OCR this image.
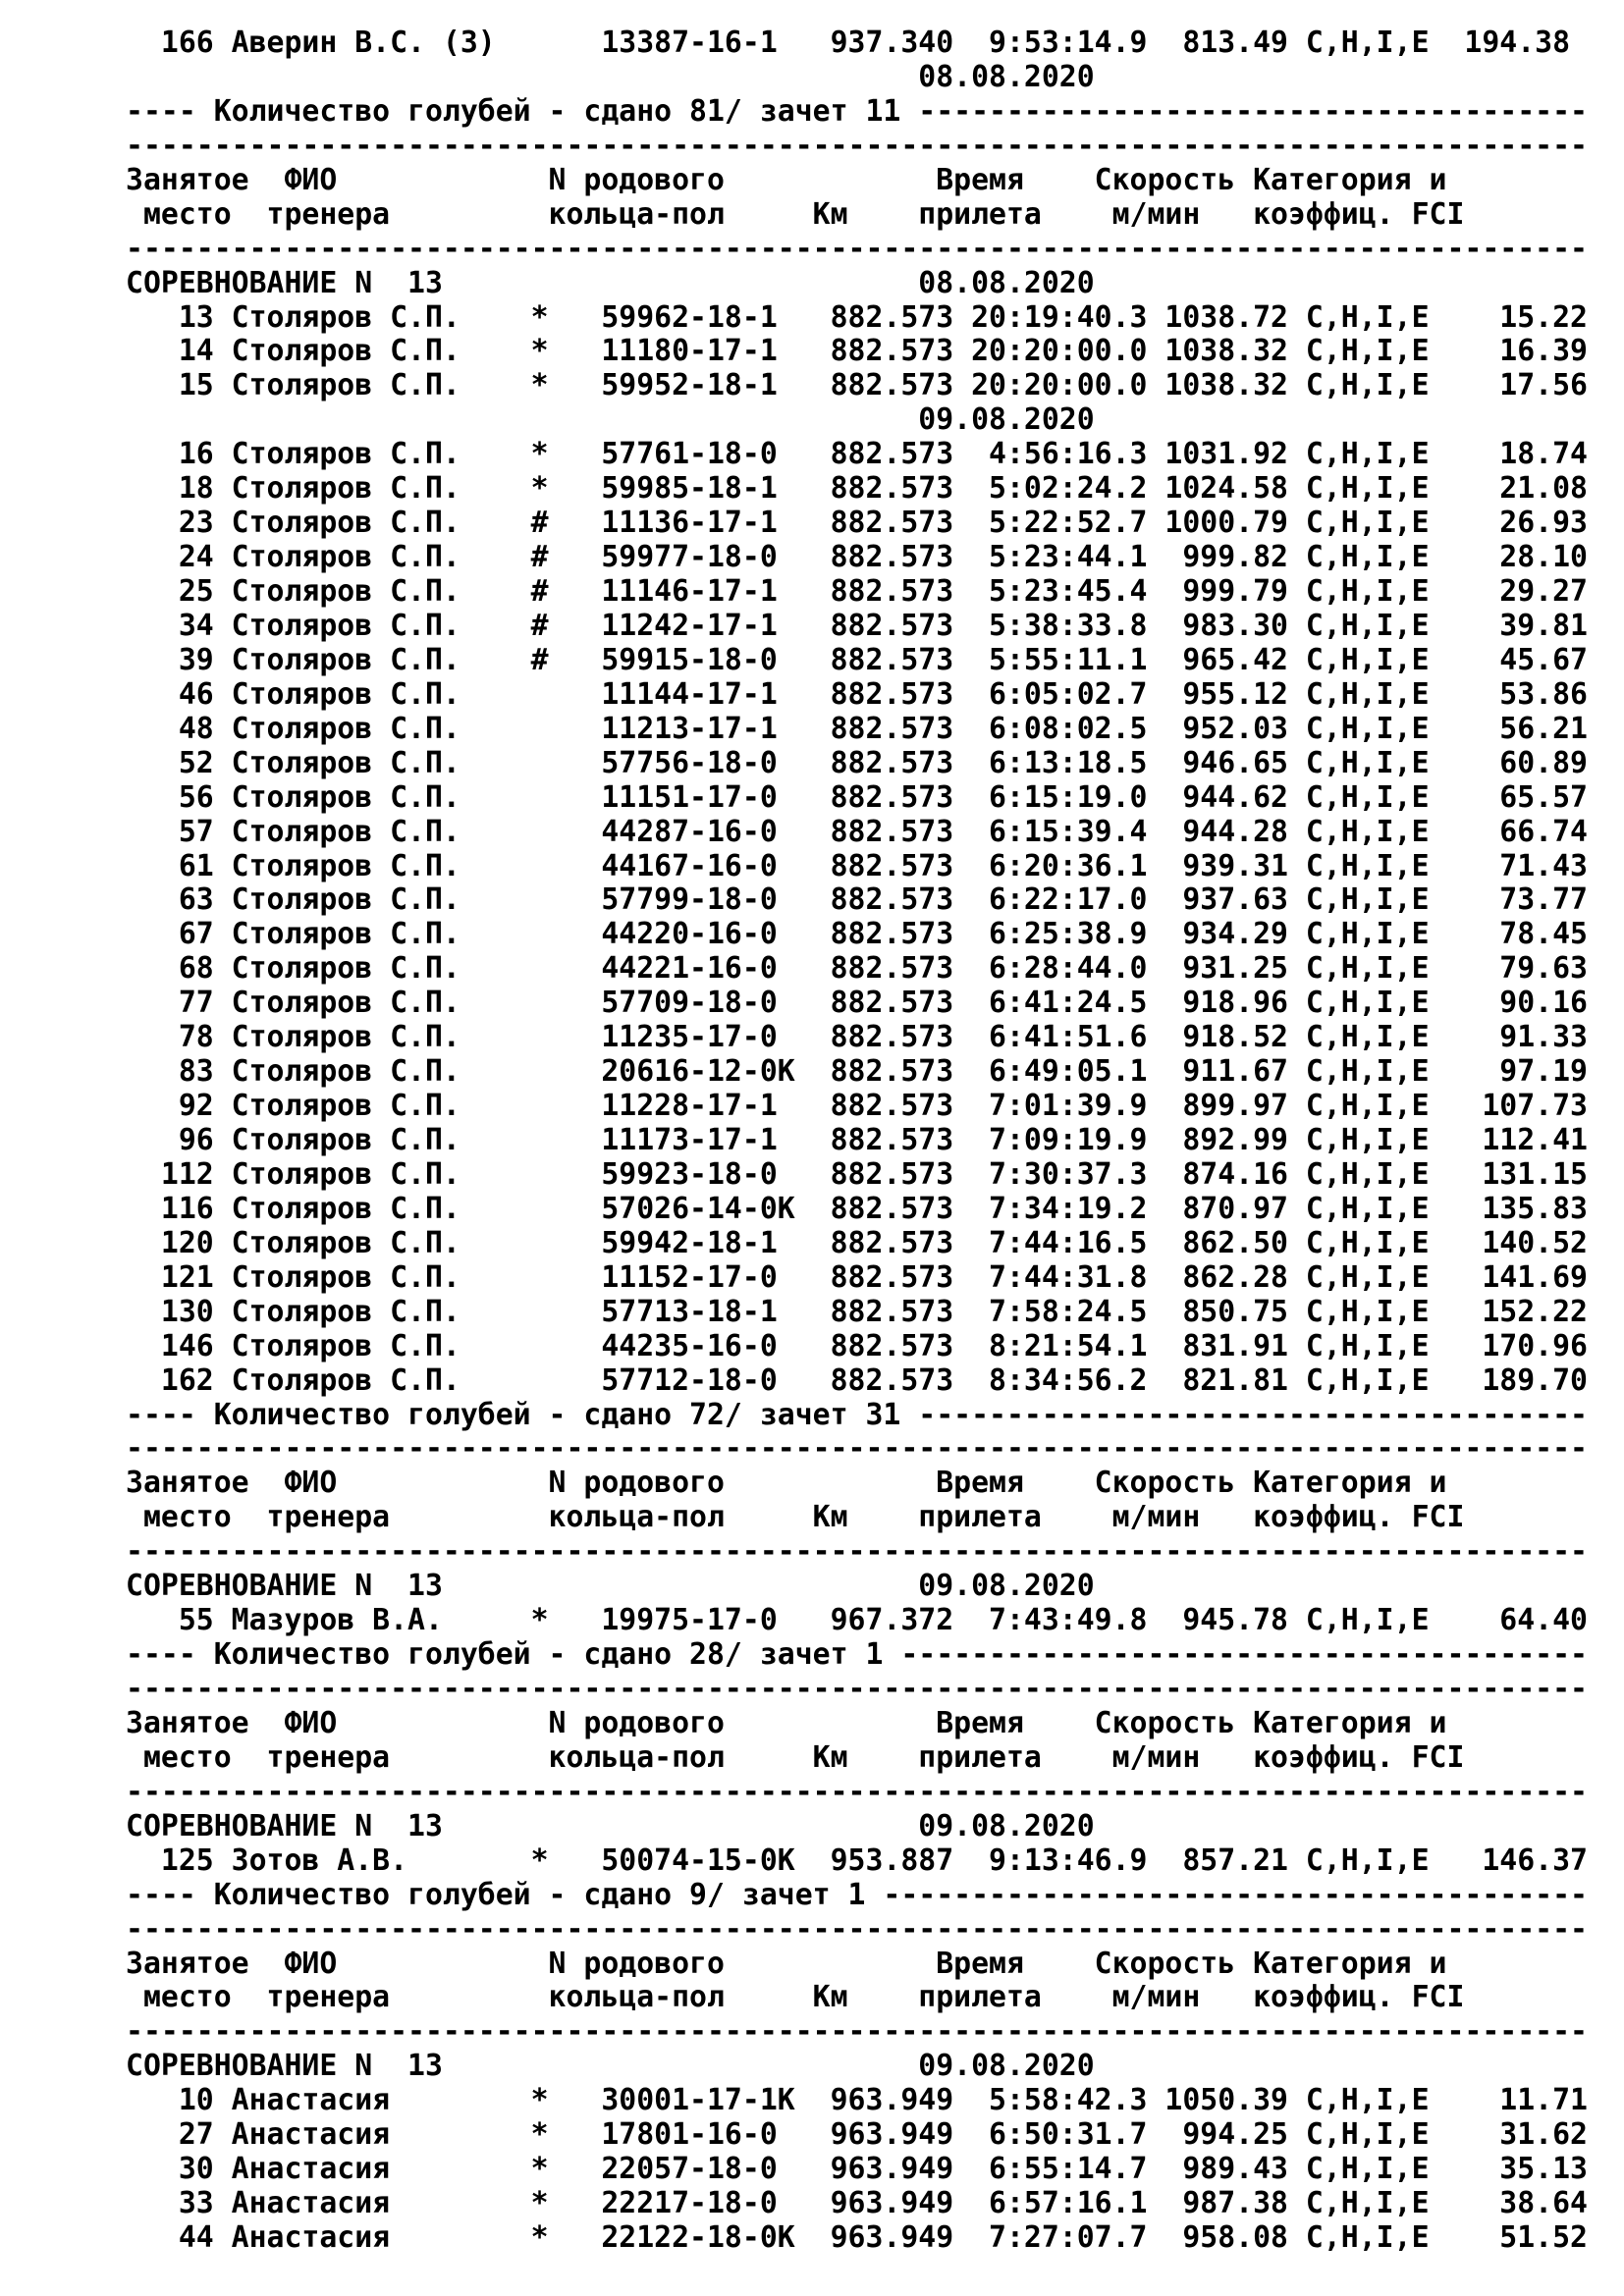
166 Аверин В.С. (3)      13387-16-1   937.340  9:53:14.9  813.49 C,H,I,E  194.38
08.08.2020
---- Количество голубей - сдано 81/ зачет 11 --------------------------------------
-----------------------------------------------------------------------------------
Занятое  ФИО            N родового            Время    Скорость Категория и
место  тренера         кольца-пол     Км    прилета    м/мин   коэффиц. FCI
-----------------------------------------------------------------------------------
СОРЕВНОВАНИЕ N  13                           08.08.2020
13 Столяров С.П.    *   59962-18-1   882.573 20:19:40.3 1038.72 C,H,I,E    15.22
14 Столяров С.П.    *   11180-17-1   882.573 20:20:00.0 1038.32 C,H,I,E    16.39
15 Столяров С.П.    *   59952-18-1   882.573 20:20:00.0 1038.32 C,H,I,E    17.56
09.08.2020
16 Столяров С.П.    *   57761-18-0   882.573  4:56:16.3 1031.92 C,H,I,E    18.74
18 Столяров С.П.    *   59985-18-1   882.573  5:02:24.2 1024.58 C,H,I,E    21.08
23 Столяров С.П.    #   11136-17-1   882.573  5:22:52.7 1000.79 C,H,I,E    26.93
24 Столяров С.П.    #   59977-18-0   882.573  5:23:44.1  999.82 C,H,I,E    28.10
25 Столяров С.П.    #   11146-17-1   882.573  5:23:45.4  999.79 C,H,I,E    29.27
34 Столяров С.П.    #   11242-17-1   882.573  5:38:33.8  983.30 C,H,I,E    39.81
39 Столяров С.П.    #   59915-18-0   882.573  5:55:11.1  965.42 C,H,I,E    45.67
46 Столяров С.П.        11144-17-1   882.573  6:05:02.7  955.12 C,H,I,E    53.86
48 Столяров С.П.        11213-17-1   882.573  6:08:02.5  952.03 C,H,I,E    56.21
52 Столяров С.П.        57756-18-0   882.573  6:13:18.5  946.65 C,H,I,E    60.89
56 Столяров С.П.        11151-17-0   882.573  6:15:19.0  944.62 C,H,I,E    65.57
57 Столяров С.П.        44287-16-0   882.573  6:15:39.4  944.28 C,H,I,E    66.74
61 Столяров С.П.        44167-16-0   882.573  6:20:36.1  939.31 C,H,I,E    71.43
63 Столяров С.П.        57799-18-0   882.573  6:22:17.0  937.63 C,H,I,E    73.77
67 Столяров С.П.        44220-16-0   882.573  6:25:38.9  934.29 C,H,I,E    78.45
68 Столяров С.П.        44221-16-0   882.573  6:28:44.0  931.25 C,H,I,E    79.63
77 Столяров С.П.        57709-18-0   882.573  6:41:24.5  918.96 C,H,I,E    90.16
78 Столяров С.П.        11235-17-0   882.573  6:41:51.6  918.52 C,H,I,E    91.33
83 Столяров С.П.        20616-12-0K  882.573  6:49:05.1  911.67 C,H,I,E    97.19
92 Столяров С.П.        11228-17-1   882.573  7:01:39.9  899.97 C,H,I,E   107.73
96 Столяров С.П.        11173-17-1   882.573  7:09:19.9  892.99 C,H,I,E   112.41
112 Столяров С.П.        59923-18-0   882.573  7:30:37.3  874.16 C,H,I,E   131.15
116 Столяров С.П.        57026-14-0K  882.573  7:34:19.2  870.97 C,H,I,E   135.83
120 Столяров С.П.        59942-18-1   882.573  7:44:16.5  862.50 C,H,I,E   140.52
121 Столяров С.П.        11152-17-0   882.573  7:44:31.8  862.28 C,H,I,E   141.69
130 Столяров С.П.        57713-18-1   882.573  7:58:24.5  850.75 C,H,I,E   152.22
146 Столяров С.П.        44235-16-0   882.573  8:21:54.1  831.91 C,H,I,E   170.96
162 Столяров С.П.        57712-18-0   882.573  8:34:56.2  821.81 C,H,I,E   189.70
---- Количество голубей - сдано 72/ зачет 31 --------------------------------------
-----------------------------------------------------------------------------------
Занятое  ФИО            N родового            Время    Скорость Категория и
место  тренера         кольца-пол     Км    прилета    м/мин   коэффиц. FCI
-----------------------------------------------------------------------------------
СОРЕВНОВАНИЕ N  13                           09.08.2020
55 Мазуров В.А.     *   19975-17-0   967.372  7:43:49.8  945.78 C,H,I,E    64.40
---- Количество голубей - сдано 28/ зачет 1 ---------------------------------------
-----------------------------------------------------------------------------------
Занятое  ФИО            N родового            Время    Скорость Категория и
место  тренера         кольца-пол     Км    прилета    м/мин   коэффиц. FCI
-----------------------------------------------------------------------------------
СОРЕВНОВАНИЕ N  13                           09.08.2020
125 Зотов А.В.       *   50074-15-0K  953.887  9:13:46.9  857.21 C,H,I,E   146.37
---- Количество голубей - сдано 9/ зачет 1 ----------------------------------------
-----------------------------------------------------------------------------------
Занятое  ФИО            N родового            Время    Скорость Категория и
место  тренера         кольца-пол     Км    прилета    м/мин   коэффиц. FCI
-----------------------------------------------------------------------------------
СОРЕВНОВАНИЕ N  13                           09.08.2020
10 Анастасия        *   30001-17-1K  963.949  5:58:42.3 1050.39 C,H,I,E    11.71
27 Анастасия        *   17801-16-0   963.949  6:50:31.7  994.25 C,H,I,E    31.62
30 Анастасия        *   22057-18-0   963.949  6:55:14.7  989.43 C,H,I,E    35.13
33 Анастасия        *   22217-18-0   963.949  6:57:16.1  987.38 C,H,I,E    38.64
44 Анастасия        *   22122-18-0K  963.949  7:27:07.7  958.08 C,H,I,E    51.52
